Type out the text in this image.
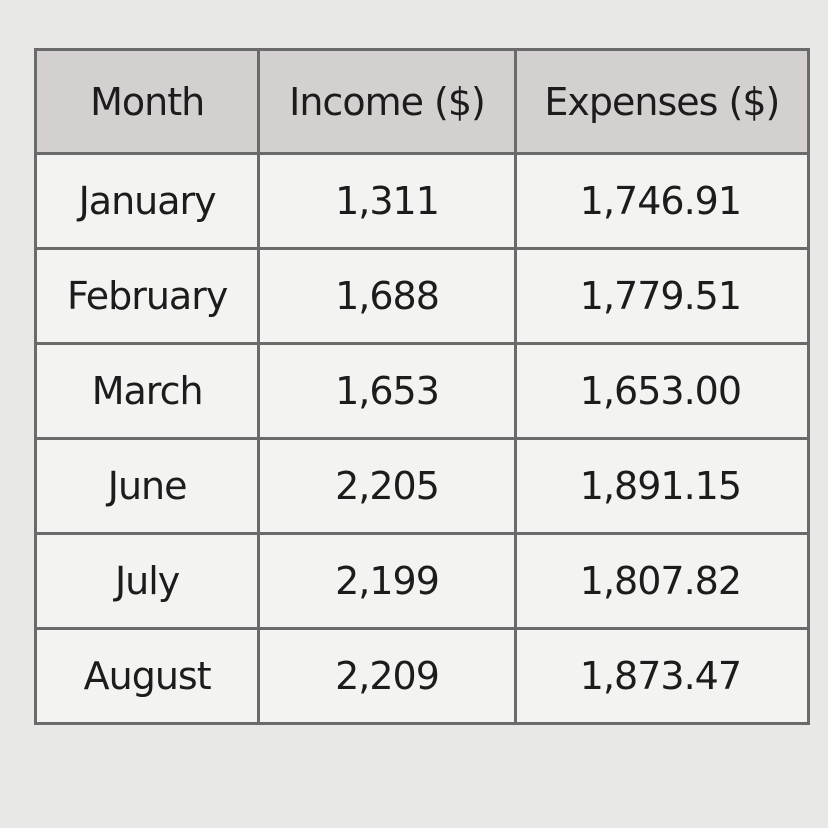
Month	Income ($)	Expenses ($)
January	1,311	1,746.91
February	1,688	1,779.51
March	1,653	1,653.00
June	2,205	1,891.15
July	2,199	1,807.82
August	2,209	1,873.47
